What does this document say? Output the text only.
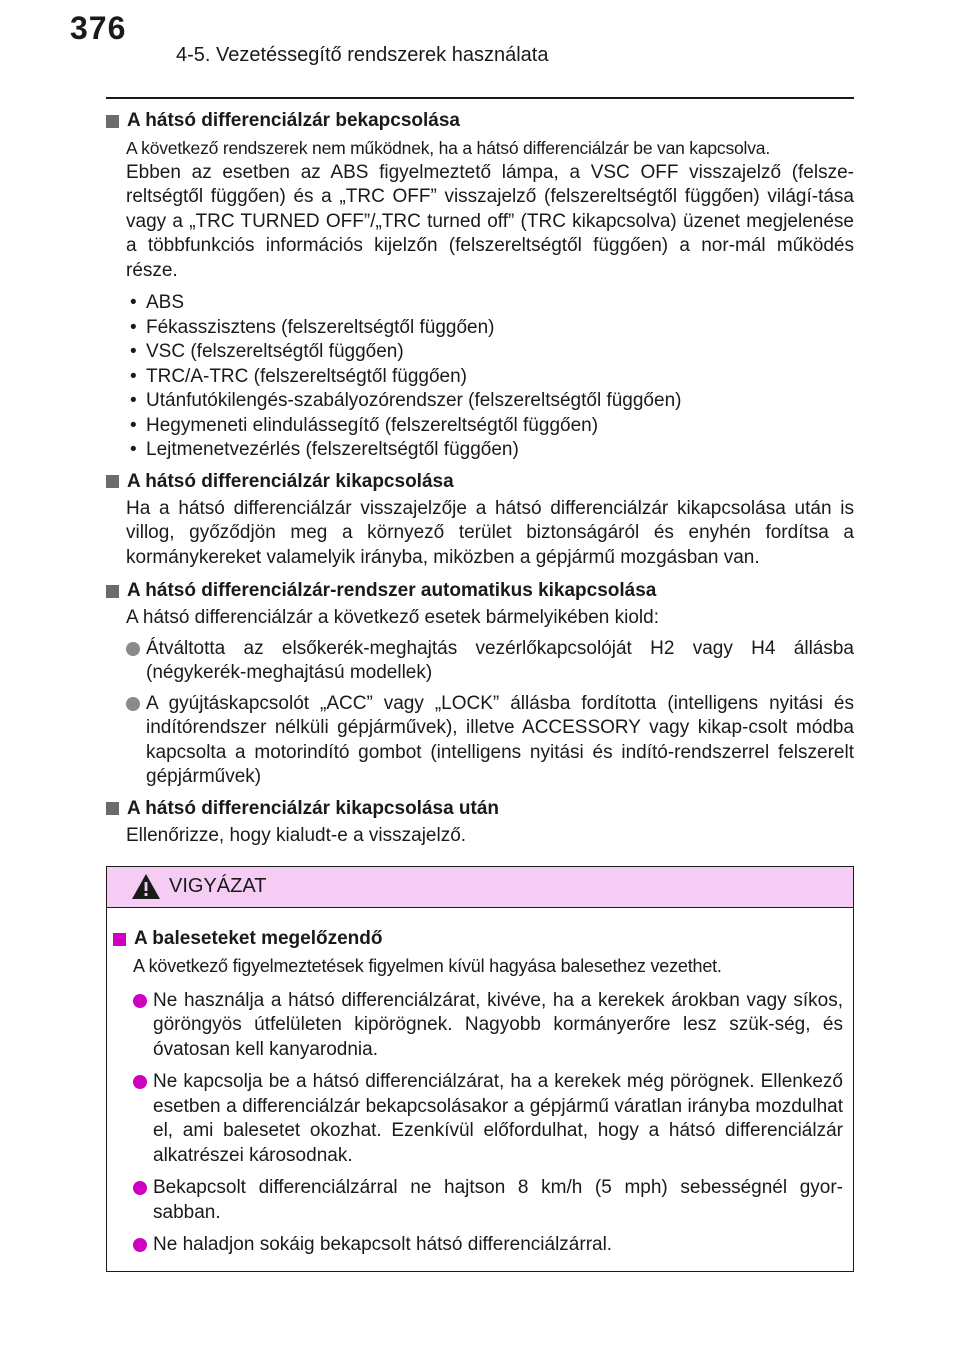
376
4-5. Vezetéssegítő rendszerek használata
A hátsó differenciálzár bekapcsolása
A következő rendszerek nem működnek, ha a hátsó differenciálzár be van kapcsolva.
Ebben az esetben az ABS figyelmeztető lámpa, a VSC OFF visszajelző (felsze-reltségtől függően) és a „TRC OFF” visszajelző (felszereltségtől függően) világí-tása vagy a „TRC TURNED OFF”/„TRC turned off” (TRC kikapcsolva) üzenet megjelenése a többfunkciós információs kijelzőn (felszereltségtől függően) a nor-mál működés része.
• ABS
• Fékasszisztens (felszereltségtől függően)
• VSC (felszereltségtől függően)
• TRC/A-TRC (felszereltségtől függően)
• Utánfutókilengés-szabályozórendszer (felszereltségtől függően)
• Hegymeneti elindulássegítő (felszereltségtől függően)
• Lejtmenetvezérlés (felszereltségtől függően)
A hátsó differenciálzár kikapcsolása
Ha a hátsó differenciálzár visszajelzője a hátsó differenciálzár kikapcsolása után is villog, győződjön meg a környező terület biztonságáról és enyhén fordítsa a kormánykereket valamelyik irányba, miközben a gépjármű mozgásban van.
A hátsó differenciálzár-rendszer automatikus kikapcsolása
A hátsó differenciálzár a következő esetek bármelyikében kiold:
Átváltotta az elsőkerék-meghajtás vezérlőkapcsolóját H2 vagy H4 állásba (négykerék-meghajtású modellek)
A gyújtáskapcsolót „ACC” vagy „LOCK” állásba fordította (intelligens nyitási és indítórendszer nélküli gépjárművek), illetve ACCESSORY vagy kikap-csolt módba kapcsolta a motorindító gombot (intelligens nyitási és indító-rendszerrel felszerelt gépjárművek)
A hátsó differenciálzár kikapcsolása után
Ellenőrizze, hogy kialudt-e a visszajelző.
VIGYÁZAT
A baleseteket megelőzendő
A következő figyelmeztetések figyelmen kívül hagyása balesethez vezethet.
Ne használja a hátsó differenciálzárat, kivéve, ha a kerekek árokban vagy síkos, göröngyös útfelületen kipörögnek. Nagyobb kormányerőre lesz szük-ség, és óvatosan kell kanyarodnia.
Ne kapcsolja be a hátsó differenciálzárat, ha a kerekek még pörögnek. Ellenkező esetben a differenciálzár bekapcsolásakor a gépjármű váratlan irányba mozdulhat el, ami balesetet okozhat. Ezenkívül előfordulhat, hogy a hátsó differenciálzár alkatrészei károsodnak.
Bekapcsolt differenciálzárral ne hajtson 8 km/h (5 mph) sebességnél gyor-sabban.
Ne haladjon sokáig bekapcsolt hátsó differenciálzárral.
